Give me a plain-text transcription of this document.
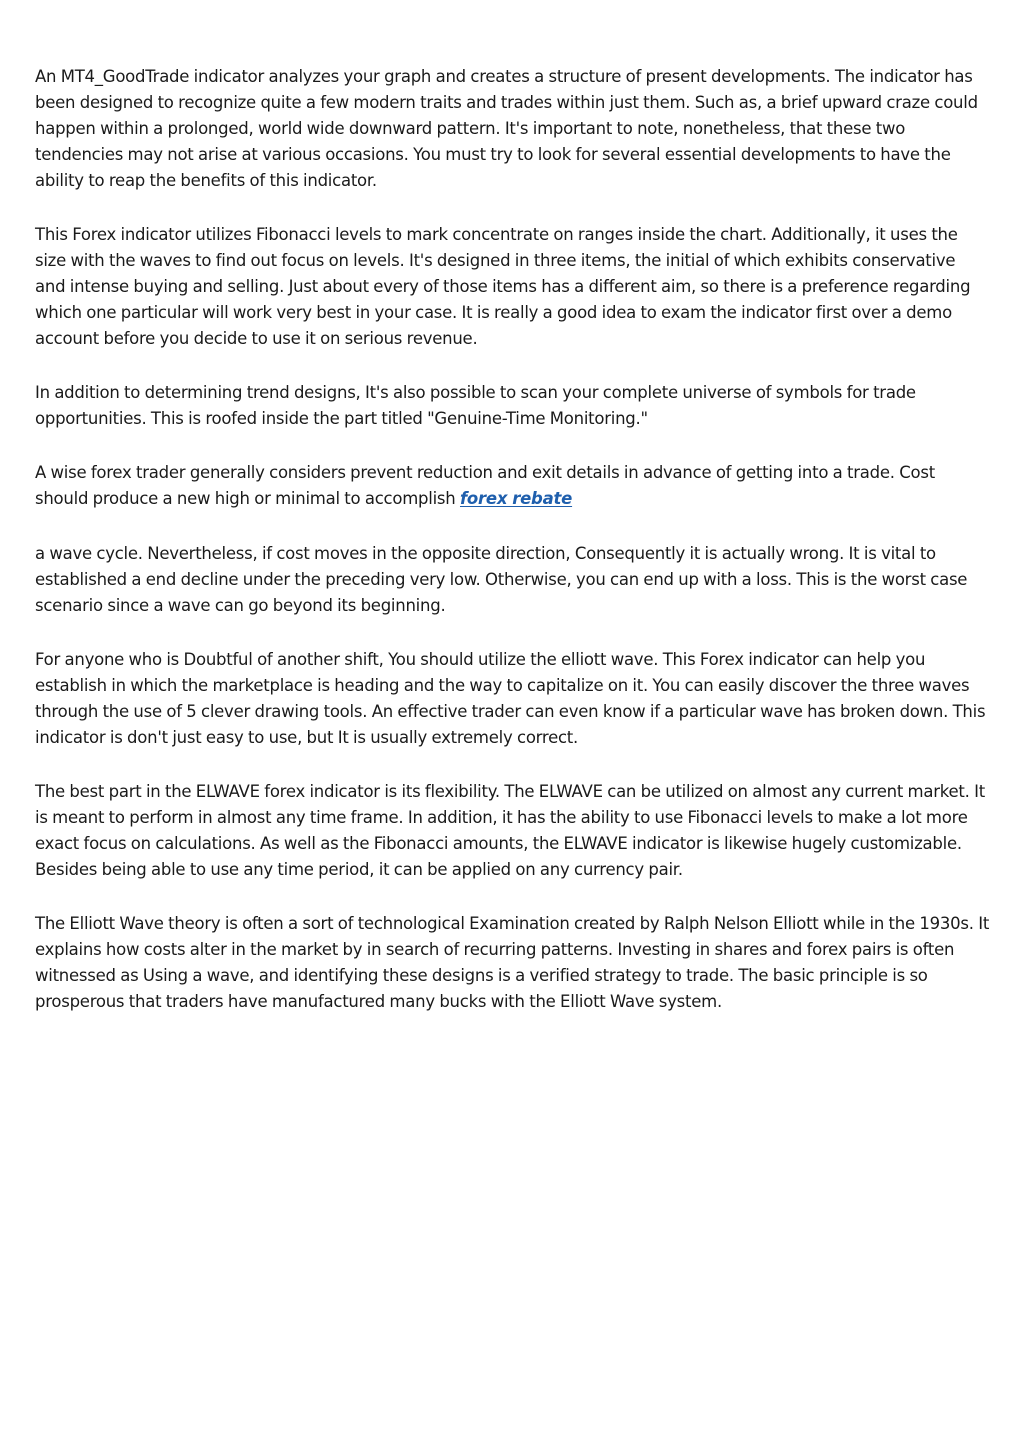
An MT4_GoodTrade indicator analyzes your graph and creates a structure of present developments. The indicator has been designed to recognize quite a few modern traits and trades within just them. Such as, a brief upward craze could happen within a prolonged, world wide downward pattern. It's important to note, nonetheless, that these two tendencies may not arise at various occasions. You must try to look for several essential developments to have the ability to reap the benefits of this indicator.

This Forex indicator utilizes Fibonacci levels to mark concentrate on ranges inside the chart. Additionally, it uses the size with the waves to find out focus on levels. It's designed in three items, the initial of which exhibits conservative and intense buying and selling. Just about every of those items has a different aim, so there is a preference regarding which one particular will work very best in your case. It is really a good idea to exam the indicator first over a demo account before you decide to use it on serious revenue.

In addition to determining trend designs, It's also possible to scan your complete universe of symbols for trade opportunities. This is roofed inside the part titled "Genuine-Time Monitoring."

A wise forex trader generally considers prevent reduction and exit details in advance of getting into a trade. Cost should produce a new high or minimal to accomplish forex rebate

a wave cycle. Nevertheless, if cost moves in the opposite direction, Consequently it is actually wrong. It is vital to established a end decline under the preceding very low. Otherwise, you can end up with a loss. This is the worst case scenario since a wave can go beyond its beginning.

For anyone who is Doubtful of another shift, You should utilize the elliott wave. This Forex indicator can help you establish in which the marketplace is heading and the way to capitalize on it. You can easily discover the three waves through the use of 5 clever drawing tools. An effective trader can even know if a particular wave has broken down. This indicator is don't just easy to use, but It is usually extremely correct.

The best part in the ELWAVE forex indicator is its flexibility. The ELWAVE can be utilized on almost any current market. It is meant to perform in almost any time frame. In addition, it has the ability to use Fibonacci levels to make a lot more exact focus on calculations. As well as the Fibonacci amounts, the ELWAVE indicator is likewise hugely customizable. Besides being able to use any time period, it can be applied on any currency pair.

The Elliott Wave theory is often a sort of technological Examination created by Ralph Nelson Elliott while in the 1930s. It explains how costs alter in the market by in search of recurring patterns. Investing in shares and forex pairs is often witnessed as Using a wave, and identifying these designs is a verified strategy to trade. The basic principle is so prosperous that traders have manufactured many bucks with the Elliott Wave system.
